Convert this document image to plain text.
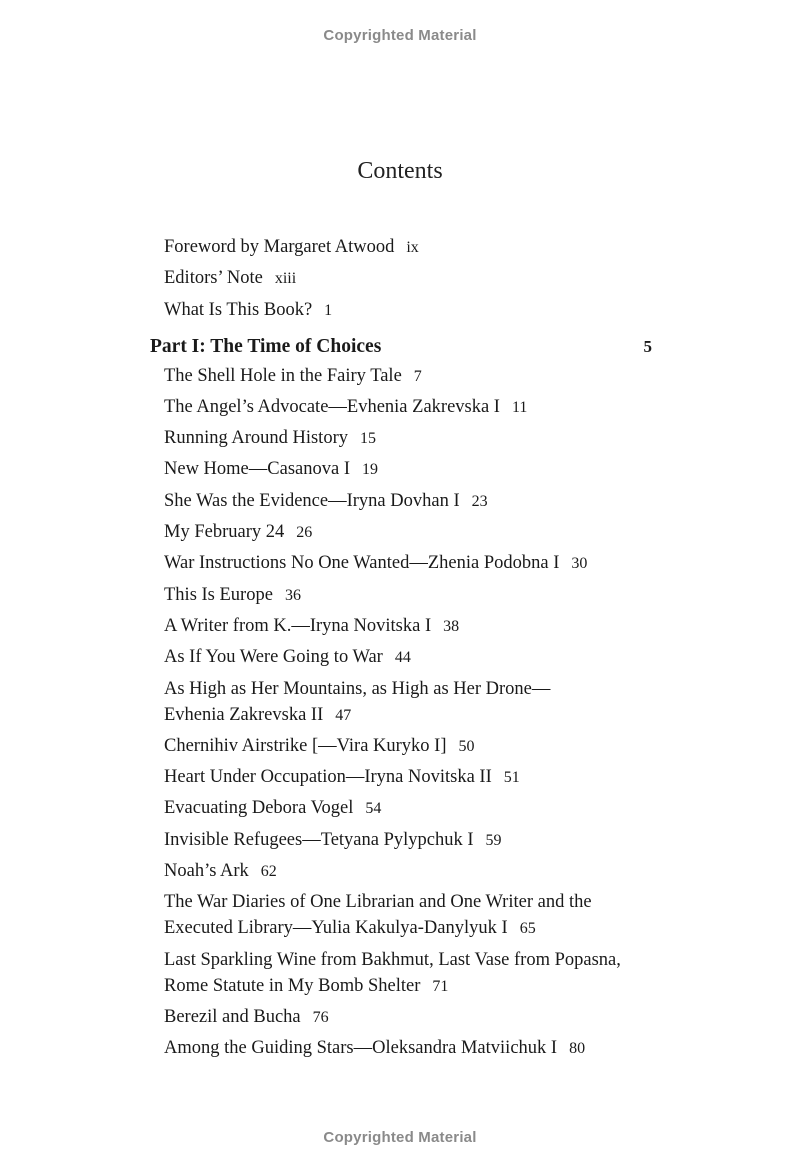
Copyrighted Material
Contents
Foreword by Margaret Atwood ix
Editors’ Note xiii
What Is This Book? 1
Part I: The Time of Choices	5
The Shell Hole in the Fairy Tale 7
The Angel’s Advocate—Evhenia Zakrevska I 11
Running Around History 15
New Home—Casanova I 19
She Was the Evidence—Iryna Dovhan I 23
My February 24 26
War Instructions No One Wanted—Zhenia Podobna I 30
This Is Europe 36
A Writer from K.—Iryna Novitska I 38
As If You Were Going to War 44
As High as Her Mountains, as High as Her Drone—
Evhenia Zakrevska II 47
Chernihiv Airstrike [—Vira Kuryko I] 50
Heart Under Occupation—Iryna Novitska II 51
Evacuating Debora Vogel 54
Invisible Refugees—Tetyana Pylypchuk I 59
Noah’s Ark 62
The War Diaries of One Librarian and One Writer and the
Executed Library—Yulia Kakulya-Danylyuk I 65
Last Sparkling Wine from Bakhmut, Last Vase from Popasna,
Rome Statute in My Bomb Shelter 71
Berezil and Bucha 76
Among the Guiding Stars—Oleksandra Matviichuk I 80
Copyrighted Material
